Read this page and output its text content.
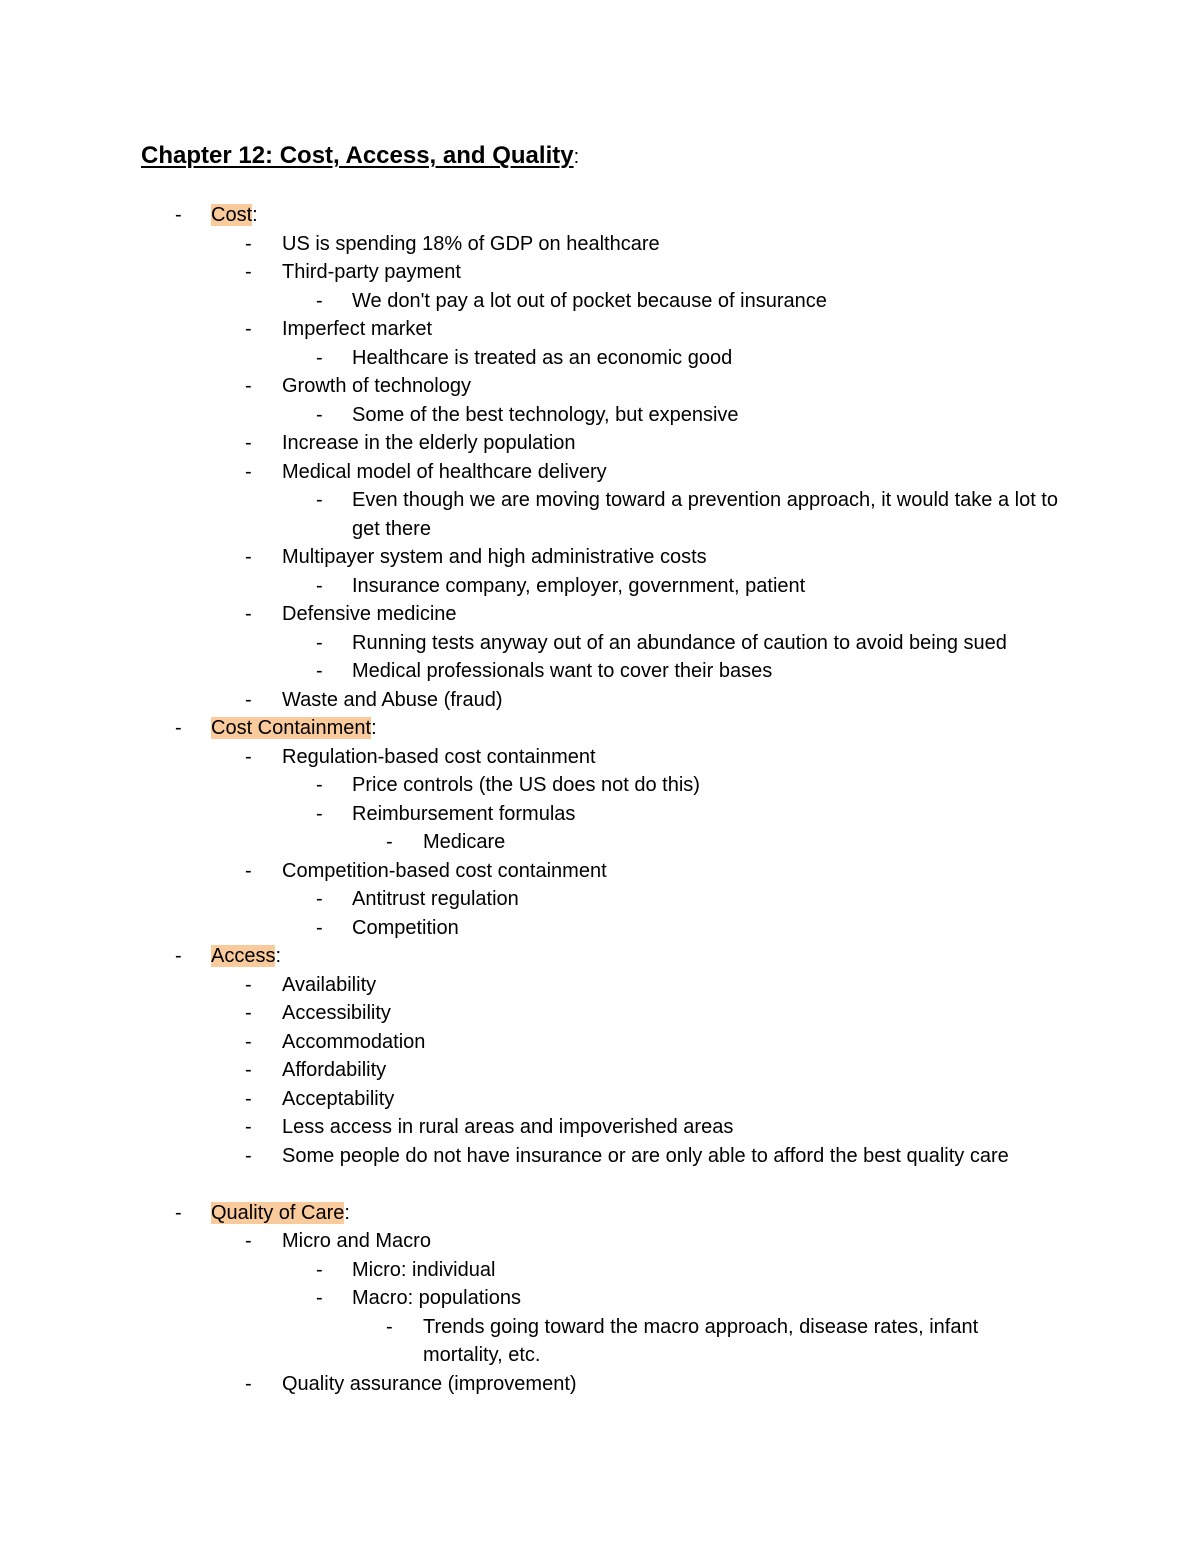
Chapter 12: Cost, Access, and Quality:
- Cost:
- US is spending 18% of GDP on healthcare
- Third-party payment
- We don't pay a lot out of pocket because of insurance
- Imperfect market
- Healthcare is treated as an economic good
- Growth of technology
- Some of the best technology, but expensive
- Increase in the elderly population
- Medical model of healthcare delivery
- Even though we are moving toward a prevention approach, it would take a lot to get there
- Multipayer system and high administrative costs
- Insurance company, employer, government, patient
- Defensive medicine
- Running tests anyway out of an abundance of caution to avoid being sued
- Medical professionals want to cover their bases
- Waste and Abuse (fraud)
- Cost Containment:
- Regulation-based cost containment
- Price controls (the US does not do this)
- Reimbursement formulas
- Medicare
- Competition-based cost containment
- Antitrust regulation
- Competition
- Access:
- Availability
- Accessibility
- Accommodation
- Affordability
- Acceptability
- Less access in rural areas and impoverished areas
- Some people do not have insurance or are only able to afford the best quality care
- Quality of Care:
- Micro and Macro
- Micro: individual
- Macro: populations
- Trends going toward the macro approach, disease rates, infant mortality, etc.
- Quality assurance (improvement)
